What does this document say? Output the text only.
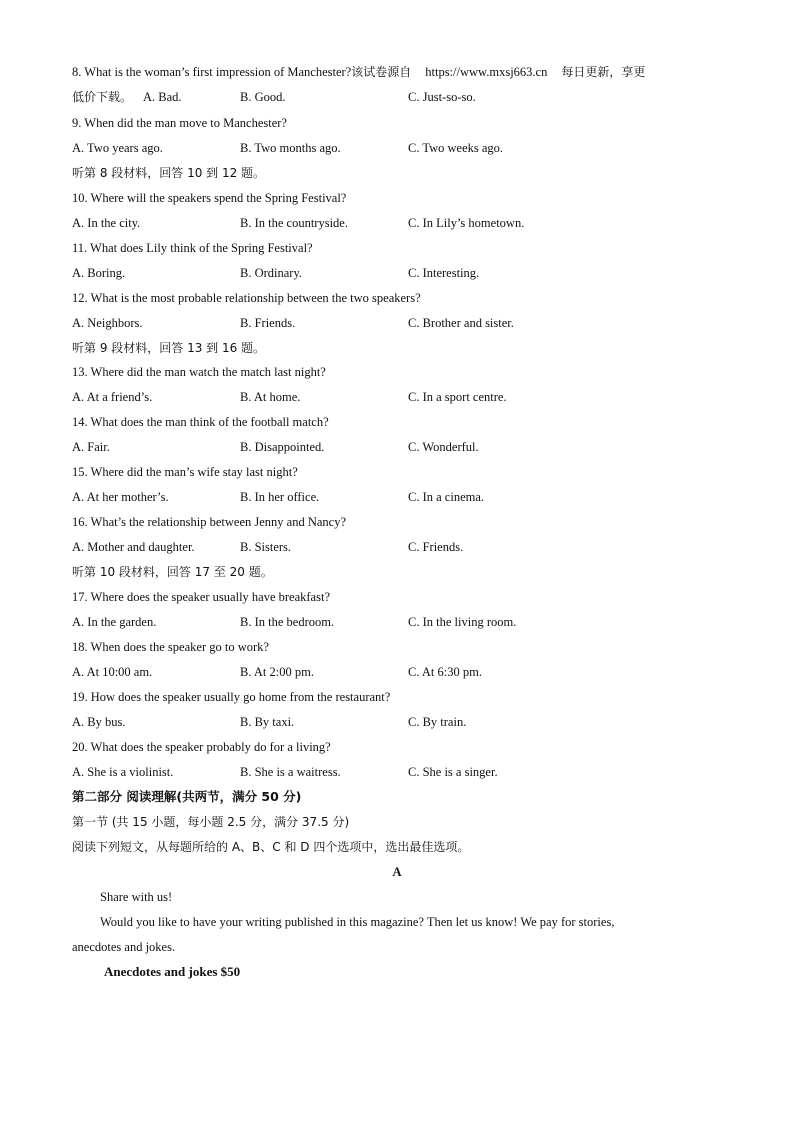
8. What is the woman’s first impression of Manchester?该试卷源自 https://www.mxsj663.cn 每日更新，享更
低价下载。 A. Bad.	B. Good.	C. Just-so-so.
9. When did the man move to Manchester?
A. Two years ago.	B. Two months ago.	C. Two weeks ago.
听第 8 段材料，回答 10 到 12 题。
10. Where will the speakers spend the Spring Festival?
A. In the city.	B. In the countryside.	C. In Lily’s hometown.
11. What does Lily think of the Spring Festival?
A. Boring.	B. Ordinary.	C. Interesting.
12. What is the most probable relationship between the two speakers?
A. Neighbors.	B. Friends.	C. Brother and sister.
听第 9 段材料，回答 13 到 16 题。
13. Where did the man watch the match last night?
A. At a friend’s.	B. At home.	C. In a sport centre.
14. What does the man think of the football match?
A. Fair.	B. Disappointed.	C. Wonderful.
15. Where did the man’s wife stay last night?
A. At her mother’s.	B. In her office.	C. In a cinema.
16. What’s the relationship between Jenny and Nancy?
A. Mother and daughter.	B. Sisters.	C. Friends.
听第 10 段材料，回答 17 至 20 题。
17. Where does the speaker usually have breakfast?
A. In the garden.	B. In the bedroom.	C. In the living room.
18. When does the speaker go to work?
A. At 10:00 am.	B. At 2:00 pm.	C. At 6:30 pm.
19. How does the speaker usually go home from the restaurant?
A. By bus.	B. By taxi.	C. By train.
20. What does the speaker probably do for a living?
A. She is a violinist.	B. She is a waitress.	C. She is a singer.
第二部分 阅读理解(共两节，满分 50 分)
第一节 (共 15 小题，每小题 2.5 分，满分 37.5 分)
阅读下列短文，从每题所给的 A、B、C 和 D 四个选项中，选出最佳选项。
A
Share with us!
Would you like to have your writing published in this magazine? Then let us know! We pay for stories,
anecdotes and jokes.
Anecdotes and jokes $50
